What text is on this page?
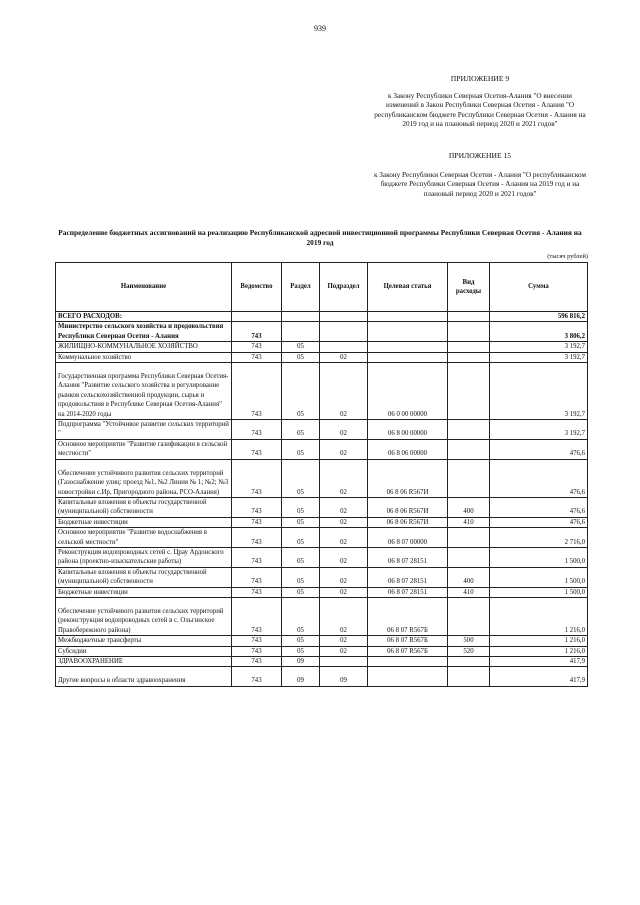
939
ПРИЛОЖЕНИЕ 9
к Закону Республики Северная Осетия-Алания "О внесении изменений в Закон Республики Северная Осетия - Алания "О республиканском бюджете Республики Северная Осетия - Алания на 2019 год и на плановый период 2020 и 2021 годов"
ПРИЛОЖЕНИЕ 15
к Закону Республики Северная Осетия - Алания "О республиканском бюджете Республики Северная Осетия - Алания на 2019 год и на плановый период 2020 и 2021 годов"
Распределение бюджетных ассигнований на реализацию Республиканской адресной инвестиционной программы Республики Северная Осетия - Алания на 2019 год
(тысяч рублей)
Наименование	Ведомство	Раздел	Подраздел	Целевая статья	Вид расходы	Сумма
ВСЕГО РАСХОДОВ:						596 816,2
Министерство сельского хозяйства и продовольствия Республики Северная Осетия - Алания	743					3 806,2
ЖИЛИЩНО-КОММУНАЛЬНОЕ ХОЗЯЙСТВО	743	05				3 192,7
Коммунальное хозяйство	743	05	02			3 192,7
Государственная программа Республики Северная Осетия-Алания "Развитие сельского хозяйства и регулирование рынков сельскохозяйственной продукции, сырья и продовольствия в Республике Северная Осетия-Алания" на 2014-2020 годы	743	05	02	06 0 00 00000		3 192,7
Подпрограмма "Устойчивое развитие сельских территорий "	743	05	02	06 8 00 00000		3 192,7
Основное мероприятие "Развитие газификации в сельской местности"	743	05	02	06 8 06 00000		476,6
Обеспечение устойчивого развития сельских территорий (Газоснабжение улиц: проезд №1, №2 Линия № 1; №2; №3 новостройки с.Ир, Пригородного района, РСО-Алания)	743	05	02	06 8 06 R567И		476,6
Капитальные вложения в объекты государственной (муниципальной) собственности	743	05	02	06 8 06 R567И	400	476,6
Бюджетные инвестиции	743	05	02	06 8 06 R567И	410	476,6
Основное мероприятие "Развитие водоснабжения в сельской местности"	743	05	02	06 8 07 00000		2 716,0
Реконструкция водопроводных сетей с. Црау Ардонского района (проектно-изыскательские работы)	743	05	02	06 8 07 28151		1 500,0
Капитальные вложения в объекты государственной (муниципальной) собственности	743	05	02	06 8 07 28151	400	1 500,0
Бюджетные инвестиции	743	05	02	06 8 07 28151	410	1 500,0
Обеспечение устойчивого развития сельских территорий (реконструкция водопроводных сетей в с. Ольгинское Правобережного района)	743	05	02	06 8 07 R567Б		1 216,0
Межбюджетные трансферты	743	05	02	06 8 07 R567Б	500	1 216,0
Субсидии	743	05	02	06 8 07 R567Б	520	1 216,0
ЗДРАВООХРАНЕНИЕ	743	09				417,9
Другие вопросы в области здравоохранения	743	09	09			417,9
